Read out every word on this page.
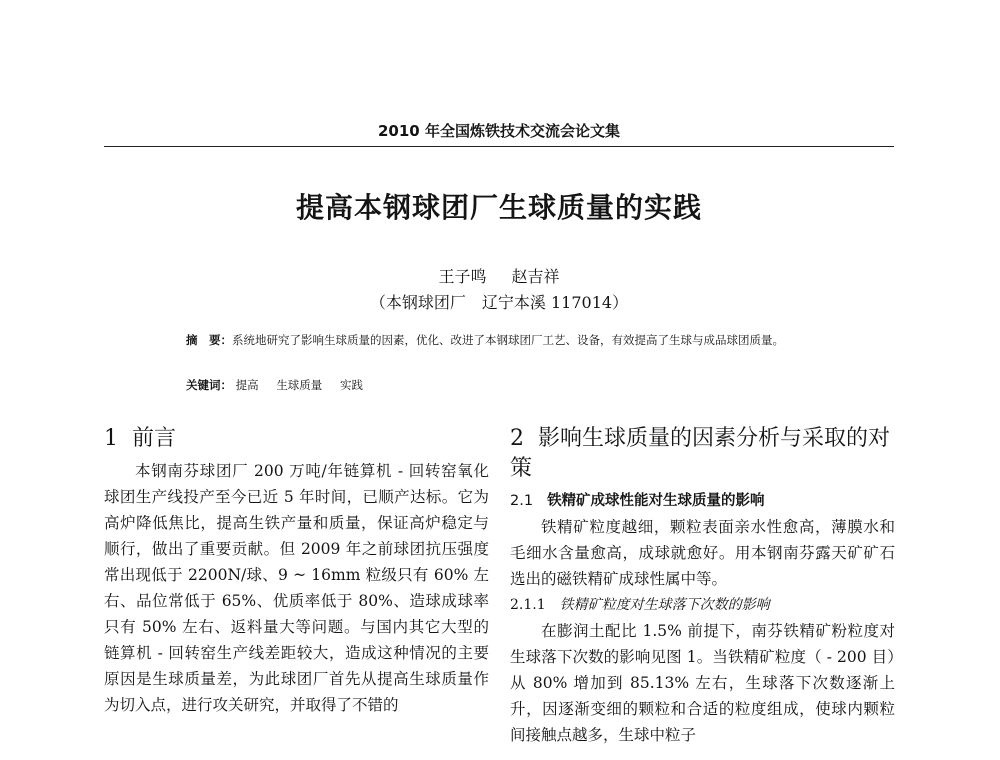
2010 年全国炼铁技术交流会论文集
提高本钢球团厂生球质量的实践
王子鸣 赵吉祥
（本钢球团厂　辽宁本溪 117014）
摘　要：系统地研究了影响生球质量的因素，优化、改进了本钢球团厂工艺、设备，有效提高了生球与成品球团质量。
关键词： 提高 生球质量 实践
1 前言

本钢南芬球团厂 200 万吨/年链算机 - 回转窑氧化球团生产线投产至今已近 5 年时间，已顺产达标。它为高炉降低焦比，提高生铁产量和质量，保证高炉稳定与顺行，做出了重要贡献。但 2009 年之前球团抗压强度常出现低于 2200N/球、9 ~ 16mm 粒级只有 60% 左右、品位常低于 65%、优质率低于 80%、造球成球率只有 50% 左右、返料量大等问题。与国内其它大型的链算机 - 回转窑生产线差距较大，造成这种情况的主要原因是生球质量差，为此球团厂首先从提高生球质量作为切入点，进行攻关研究，并取得了不错的

2 影响生球质量的因素分析与采取的对策
2.1 铁精矿成球性能对生球质量的影响

铁精矿粒度越细，颗粒表面亲水性愈高，薄膜水和毛细水含量愈高，成球就愈好。用本钢南芬露天矿矿石选出的磁铁精矿成球性属中等。

2.1.1 铁精矿粒度对生球落下次数的影响

在膨润土配比 1.5% 前提下，南芬铁精矿粉粒度对生球落下次数的影响见图 1。当铁精矿粒度（ - 200 目）从 80% 增加到 85.13% 左右，生球落下次数逐渐上升，因逐渐变细的颗粒和合适的粒度组成，使球内颗粒间接触点越多，生球中粒子
